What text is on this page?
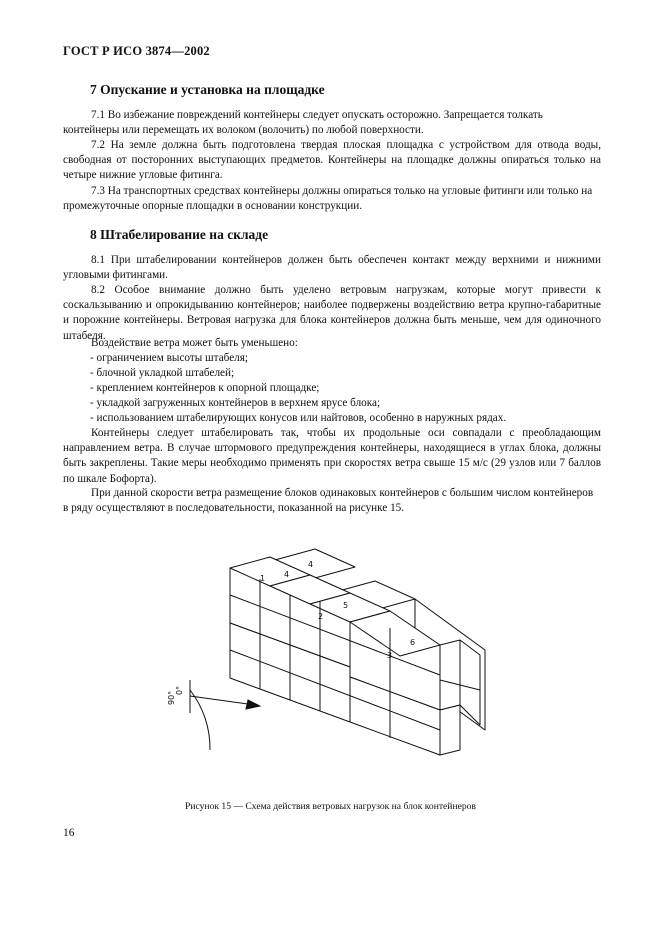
ГОСТ Р ИСО 3874—2002
7 Опускание и установка на площадке
7.1 Во избежание повреждений контейнеры следует опускать осторожно. Запрещается толкать контейнеры или перемещать их волоком (волочить) по любой поверхности.
7.2 На земле должна быть подготовлена твердая плоская площадка с устройством для отвода воды, свободная от посторонних выступающих предметов. Контейнеры на площадке должны опираться только на четыре нижние угловые фитинга.
7.3 На транспортных средствах контейнеры должны опираться только на угловые фитинги или только на промежуточные опорные площадки в основании конструкции.
8 Штабелирование на складе
8.1 При штабелировании контейнеров должен быть обеспечен контакт между верхними и нижними угловыми фитингами.
8.2 Особое внимание должно быть уделено ветровым нагрузкам, которые могут привести к соскальзыванию и опрокидыванию контейнеров; наиболее подвержены воздействию ветра крупно-габаритные и порожние контейнеры. Ветровая нагрузка для блока контейнеров должна быть меньше, чем для одиночного штабеля.
Воздействие ветра может быть уменьшено:
- ограничением высоты штабеля;
- блочной укладкой штабелей;
- креплением контейнеров к опорной площадке;
- укладкой загруженных контейнеров в верхнем ярусе блока;
- использованием штабелирующих конусов или найтовов, особенно в наружных рядах.
Контейнеры следует штабелировать так, чтобы их продольные оси совпадали с преобладающим направлением ветра. В случае штормового предупреждения контейнеры, находящиеся в углах блока, должны быть закреплены. Такие меры необходимо применять при скоростях ветра свыше 15 м/с (29 узлов или 7 баллов по шкале Бофорта).
При данной скорости ветра размещение блоков одинаковых контейнеров с большим числом контейнеров в ряду осуществляют в последовательности, показанной на рисунке 15.
1
2
3
4
5
6
4
0°
90°
Рисунок 15 — Схема действия ветровых нагрузок на блок контейнеров
16
